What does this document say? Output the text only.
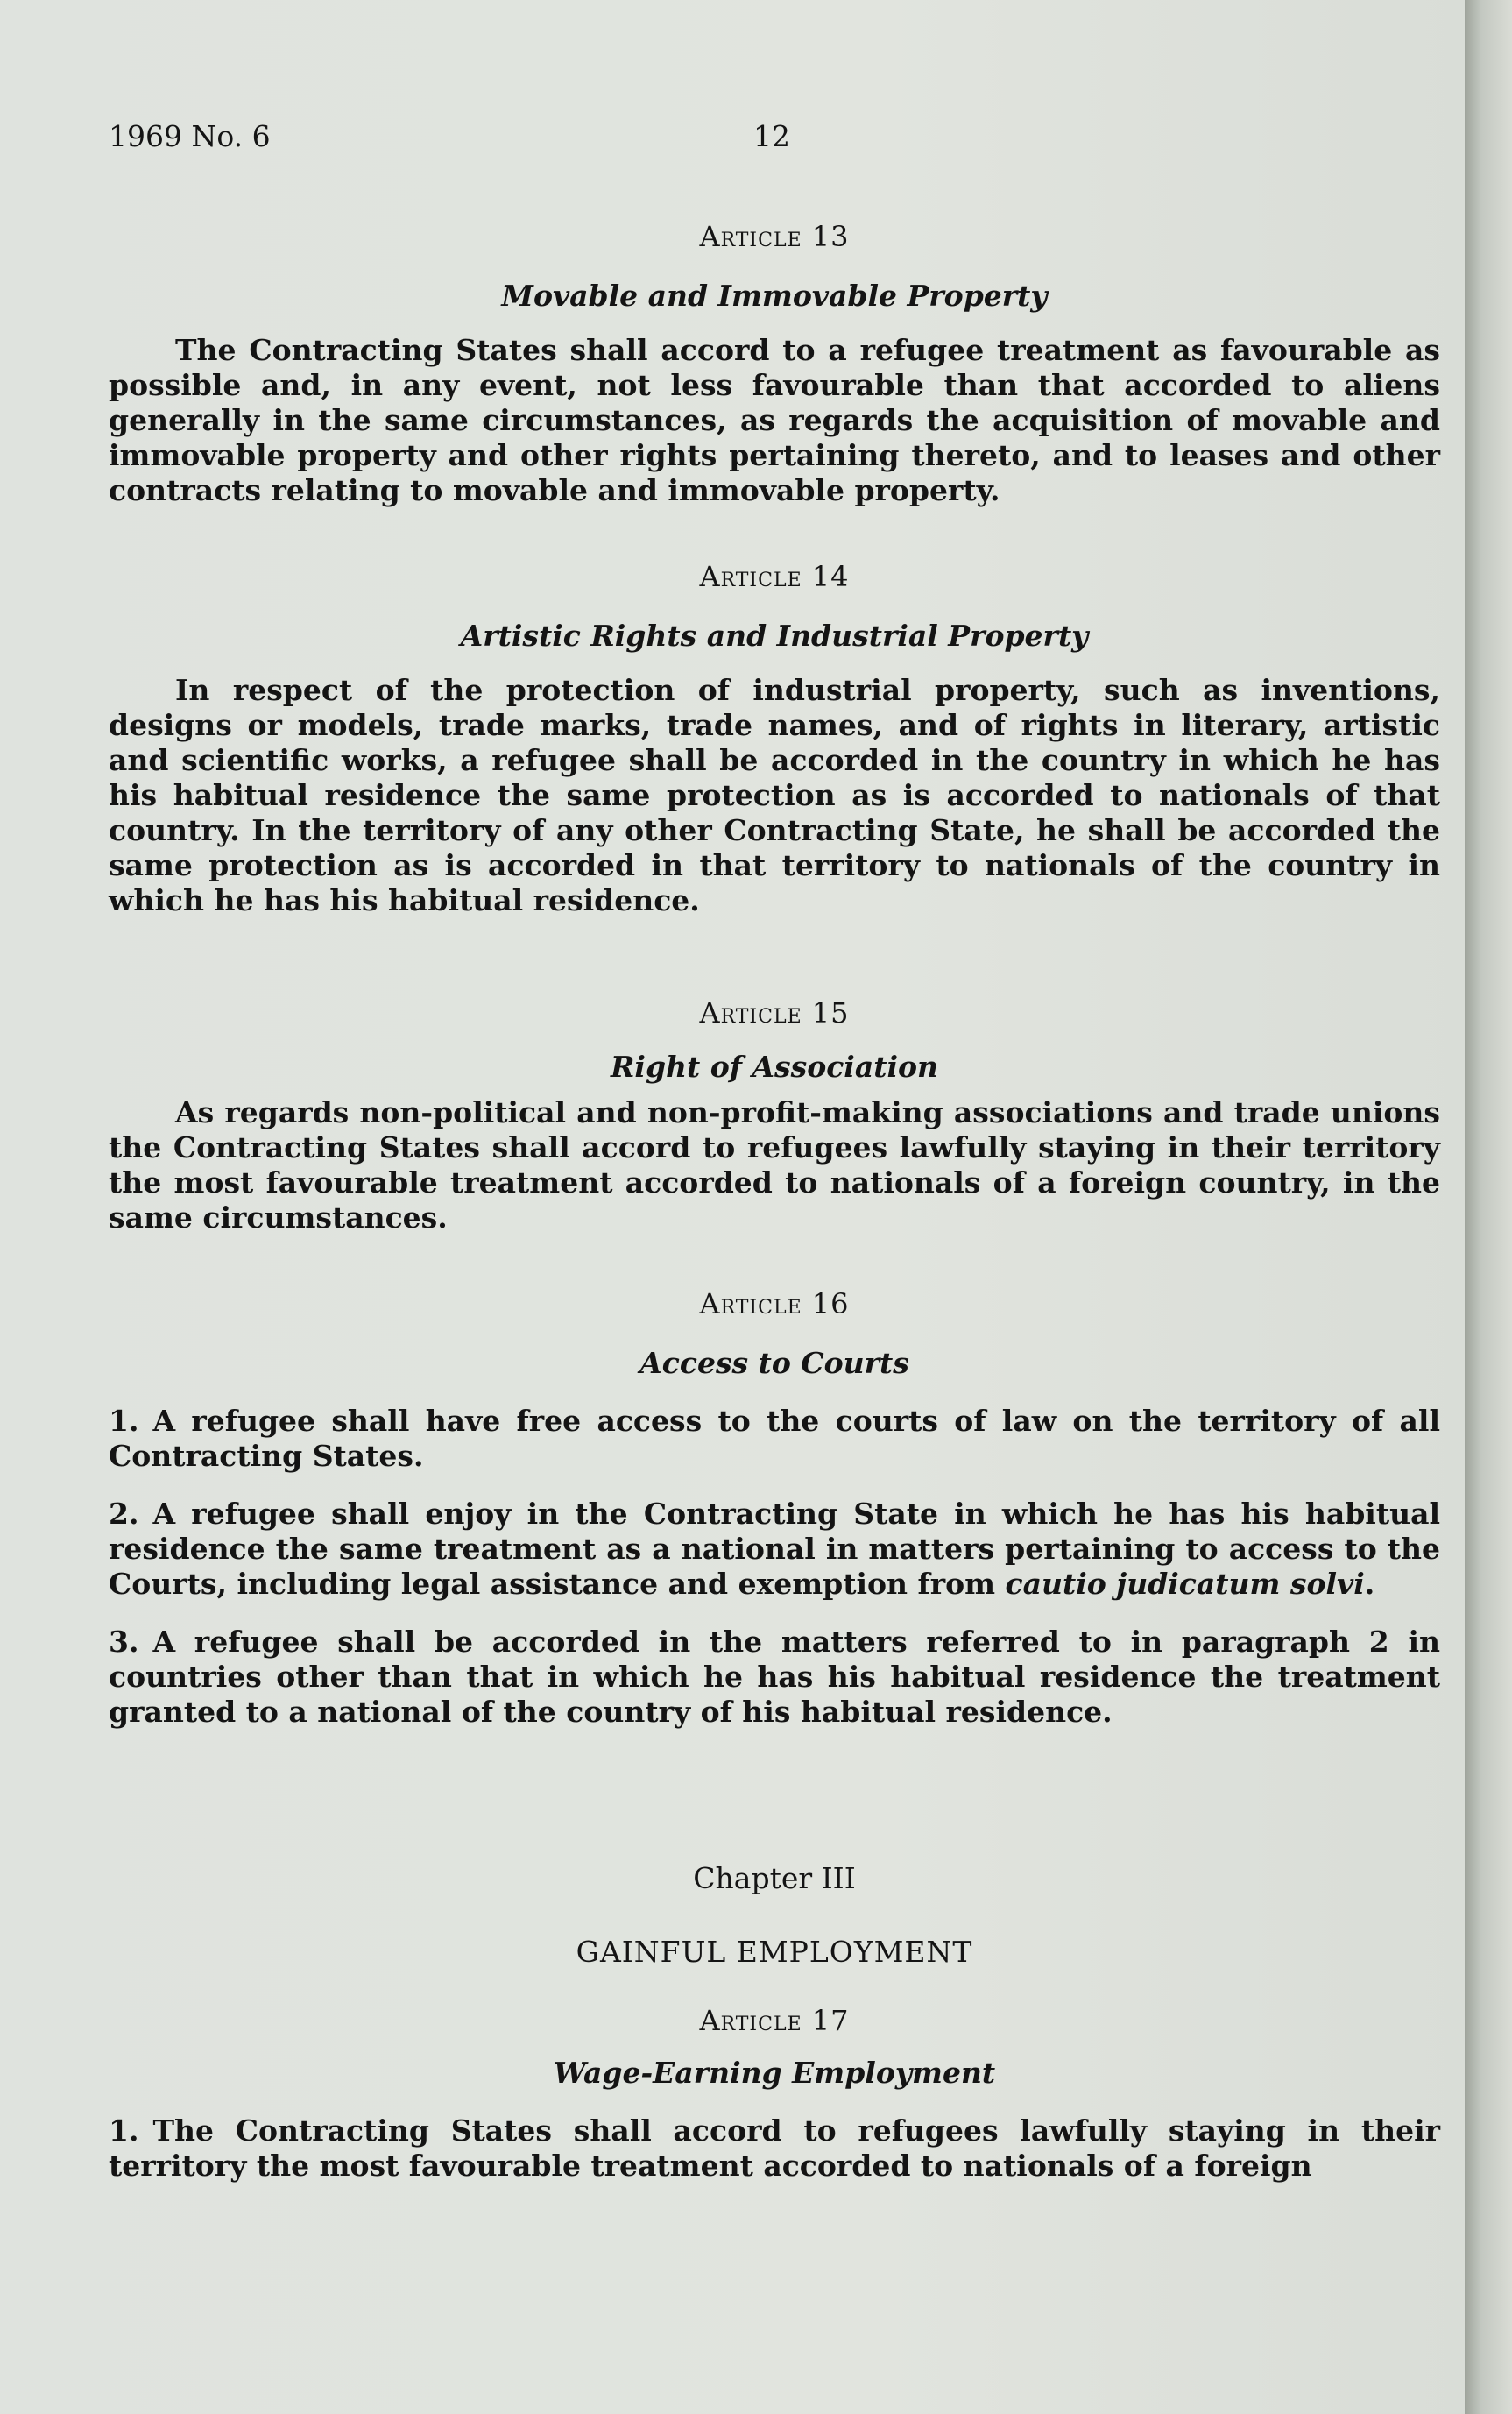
1969 No. 6	12

Article 13

Movable and Immovable Property

The Contracting States shall accord to a refugee treatment as favourable as possible and, in any event, not less favourable than that accorded to aliens generally in the same circumstances, as regards the acquisition of movable and immovable property and other rights pertaining thereto, and to leases and other contracts relating to movable and immovable property.

Article 14

Artistic Rights and Industrial Property

In respect of the protection of industrial property, such as inventions, designs or models, trade marks, trade names, and of rights in literary, artistic and scientific works, a refugee shall be accorded in the country in which he has his habitual residence the same protection as is accorded to nationals of that country. In the territory of any other Contracting State, he shall be accorded the same protection as is accorded in that territory to nationals of the country in which he has his habitual residence.

Article 15

Right of Association

As regards non-political and non-profit-making associations and trade unions the Contracting States shall accord to refugees lawfully staying in their territory the most favourable treatment accorded to nationals of a foreign country, in the same circumstances.

Article 16

Access to Courts

1. A refugee shall have free access to the courts of law on the territory of all Contracting States.

2. A refugee shall enjoy in the Contracting State in which he has his habitual residence the same treatment as a national in matters pertaining to access to the Courts, including legal assistance and exemption from cautio judicatum solvi.

3. A refugee shall be accorded in the matters referred to in paragraph 2 in countries other than that in which he has his habitual residence the treatment granted to a national of the country of his habitual residence.

Chapter III

GAINFUL EMPLOYMENT

Article 17

Wage-Earning Employment

1. The Contracting States shall accord to refugees lawfully staying in their territory the most favourable treatment accorded to nationals of a foreign
